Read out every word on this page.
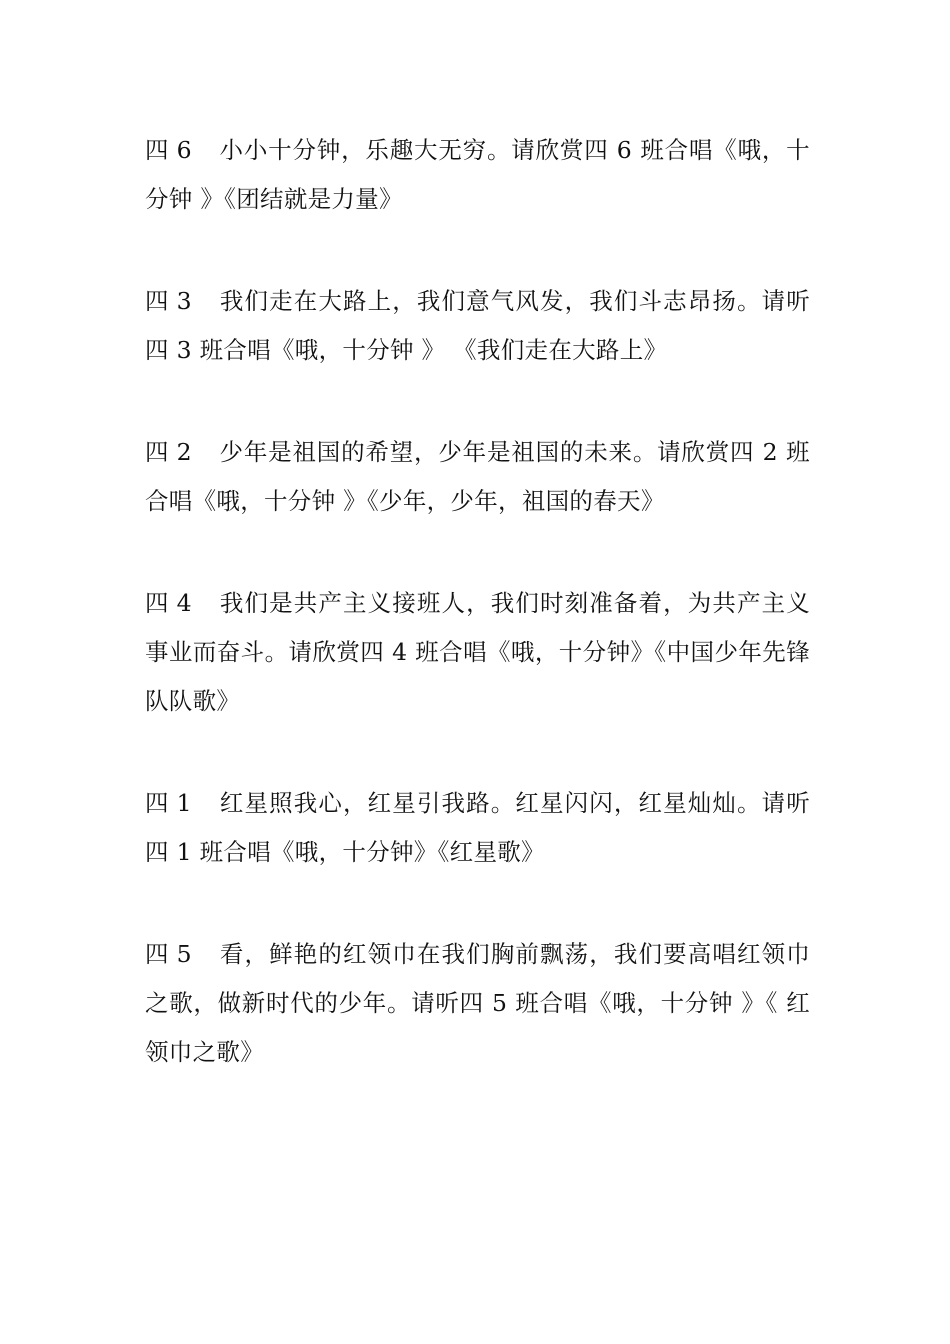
四 6 小小十分钟，乐趣大无穷。请欣赏四 6 班合唱《哦，十分钟 》《团结就是力量》

四 3 我们走在大路上，我们意气风发，我们斗志昂扬。请听四 3 班合唱《哦，十分钟 》 《我们走在大路上》

四 2 少年是祖国的希望，少年是祖国的未来。请欣赏四 2 班合唱《哦，十分钟 》《少年，少年，祖国的春天》

四 4 我们是共产主义接班人，我们时刻准备着，为共产主义事业而奋斗。请欣赏四 4 班合唱《哦，十分钟》《中国少年先锋队队歌》

四 1 红星照我心，红星引我路。红星闪闪，红星灿灿。请听四 1 班合唱《哦，十分钟》《红星歌》

四 5 看，鲜艳的红领巾在我们胸前飘荡，我们要高唱红领巾之歌，做新时代的少年。请听四 5 班合唱《哦，十分钟 》《 红领巾之歌》
